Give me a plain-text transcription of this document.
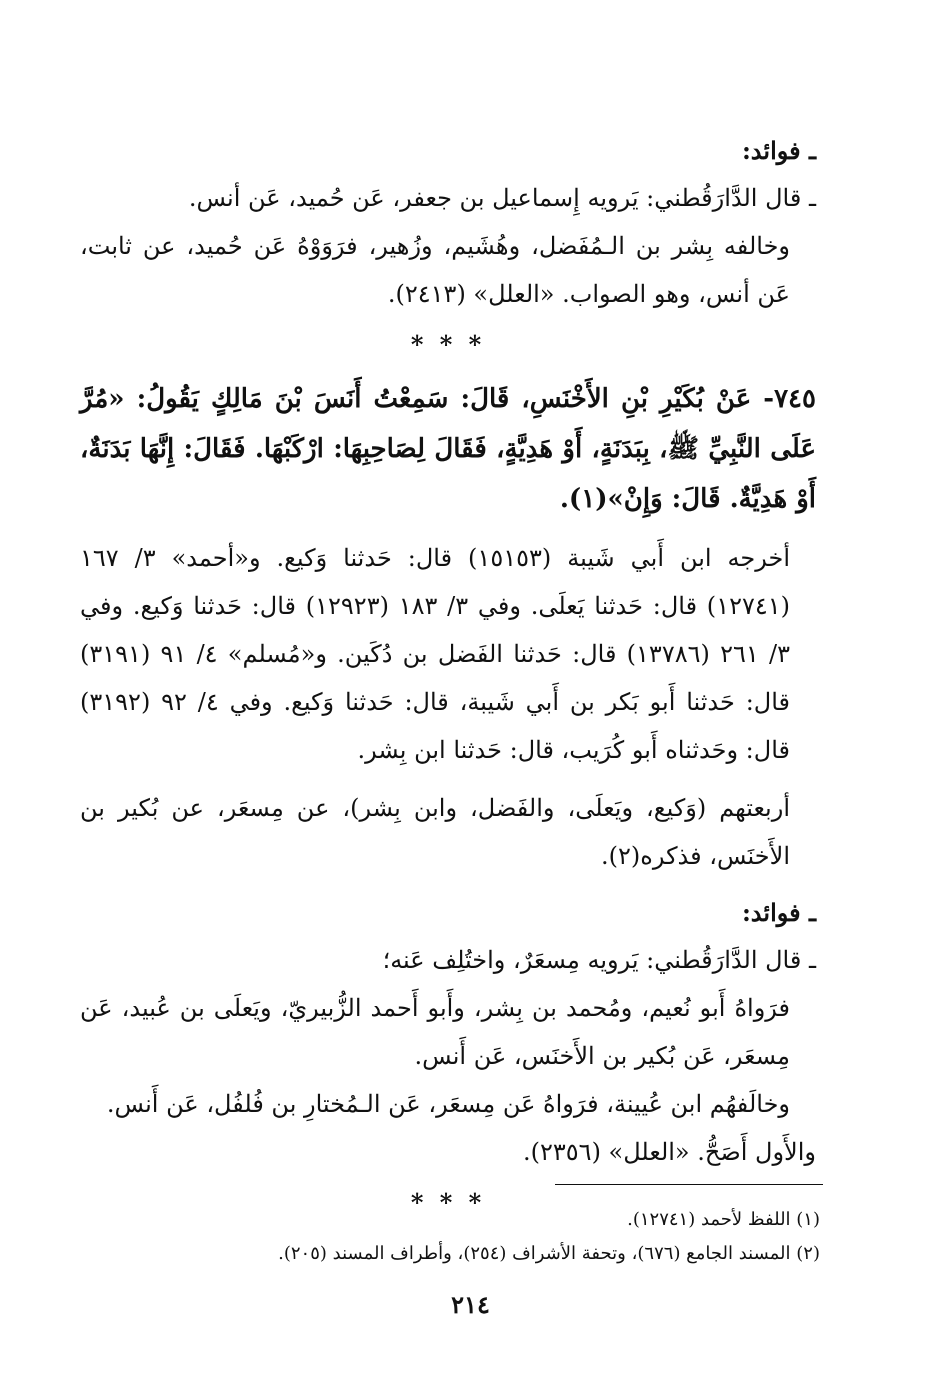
ـ فوائد:

ـ قال الدَّارَقُطني: يَرويه إِسماعيل بن جعفر، عَن حُميد، عَن أنس.

وخالفه بِشر بن الـمُفَضل، وهُشَيم، وزُهير، فرَوَوْهُ عَن حُميد، عن ثابت، عَن أنس، وهو الصواب. «العلل» (٢٤١٣).

* * *

٧٤٥- عَنْ بُكَيْرِ بْنِ الأَخْنَسِ، قَالَ: سَمِعْتُ أَنَسَ بْنَ مَالِكٍ يَقُولُ: «مُرَّ عَلَى النَّبِيِّ ﷺ، بِبَدَنَةٍ، أَوْ هَدِيَّةٍ، فَقَالَ لِصَاحِبِهَا: ارْكَبْهَا. فَقَالَ: إِنَّهَا بَدَنَةٌ، أَوْ هَدِيَّةٌ. قَالَ: وَإِنْ»(١).

أخرجه ابن أَبي شَيبة (١٥١٥٣) قال: حَدثنا وَكيع. و«أحمد» ٣/ ١٦٧ (١٢٧٤١) قال: حَدثنا يَعلَى. وفي ٣/ ١٨٣ (١٢٩٢٣) قال: حَدثنا وَكيع. وفي ٣/ ٢٦١ (١٣٧٨٦) قال: حَدثنا الفَضل بن دُكَين. و«مُسلم» ٤/ ٩١ (٣١٩١) قال: حَدثنا أَبو بَكر بن أَبي شَيبة، قال: حَدثنا وَكيع. وفي ٤/ ٩٢ (٣١٩٢) قال: وحَدثناه أَبو كُرَيب، قال: حَدثنا ابن بِشر.

أربعتهم (وَكيع، ويَعلَى، والفَضل، وابن بِشر)، عن مِسعَر، عن بُكير بن الأَخنَس، فذكره(٢).

ـ فوائد:

ـ قال الدَّارَقُطني: يَرويه مِسعَرٌ، واختُلِف عَنه؛

فرَواهُ أَبو نُعيم، ومُحمد بن بِشر، وأَبو أَحمد الزُّبيريّ، ويَعلَى بن عُبيد، عَن مِسعَر، عَن بُكير بن الأَخنَس، عَن أَنس.

وخالَفهُم ابن عُيينة، فرَواهُ عَن مِسعَر، عَن الـمُختارِ بن فُلفُل، عَن أَنس.

والأَول أَصَحُّ. «العلل» (٢٣٥٦).

* * *

(١) اللفظ لأحمد (١٢٧٤١).

(٢) المسند الجامع (٦٧٦)، وتحفة الأشراف (٢٥٤)، وأطراف المسند (٢٠٥).

٢١٤
